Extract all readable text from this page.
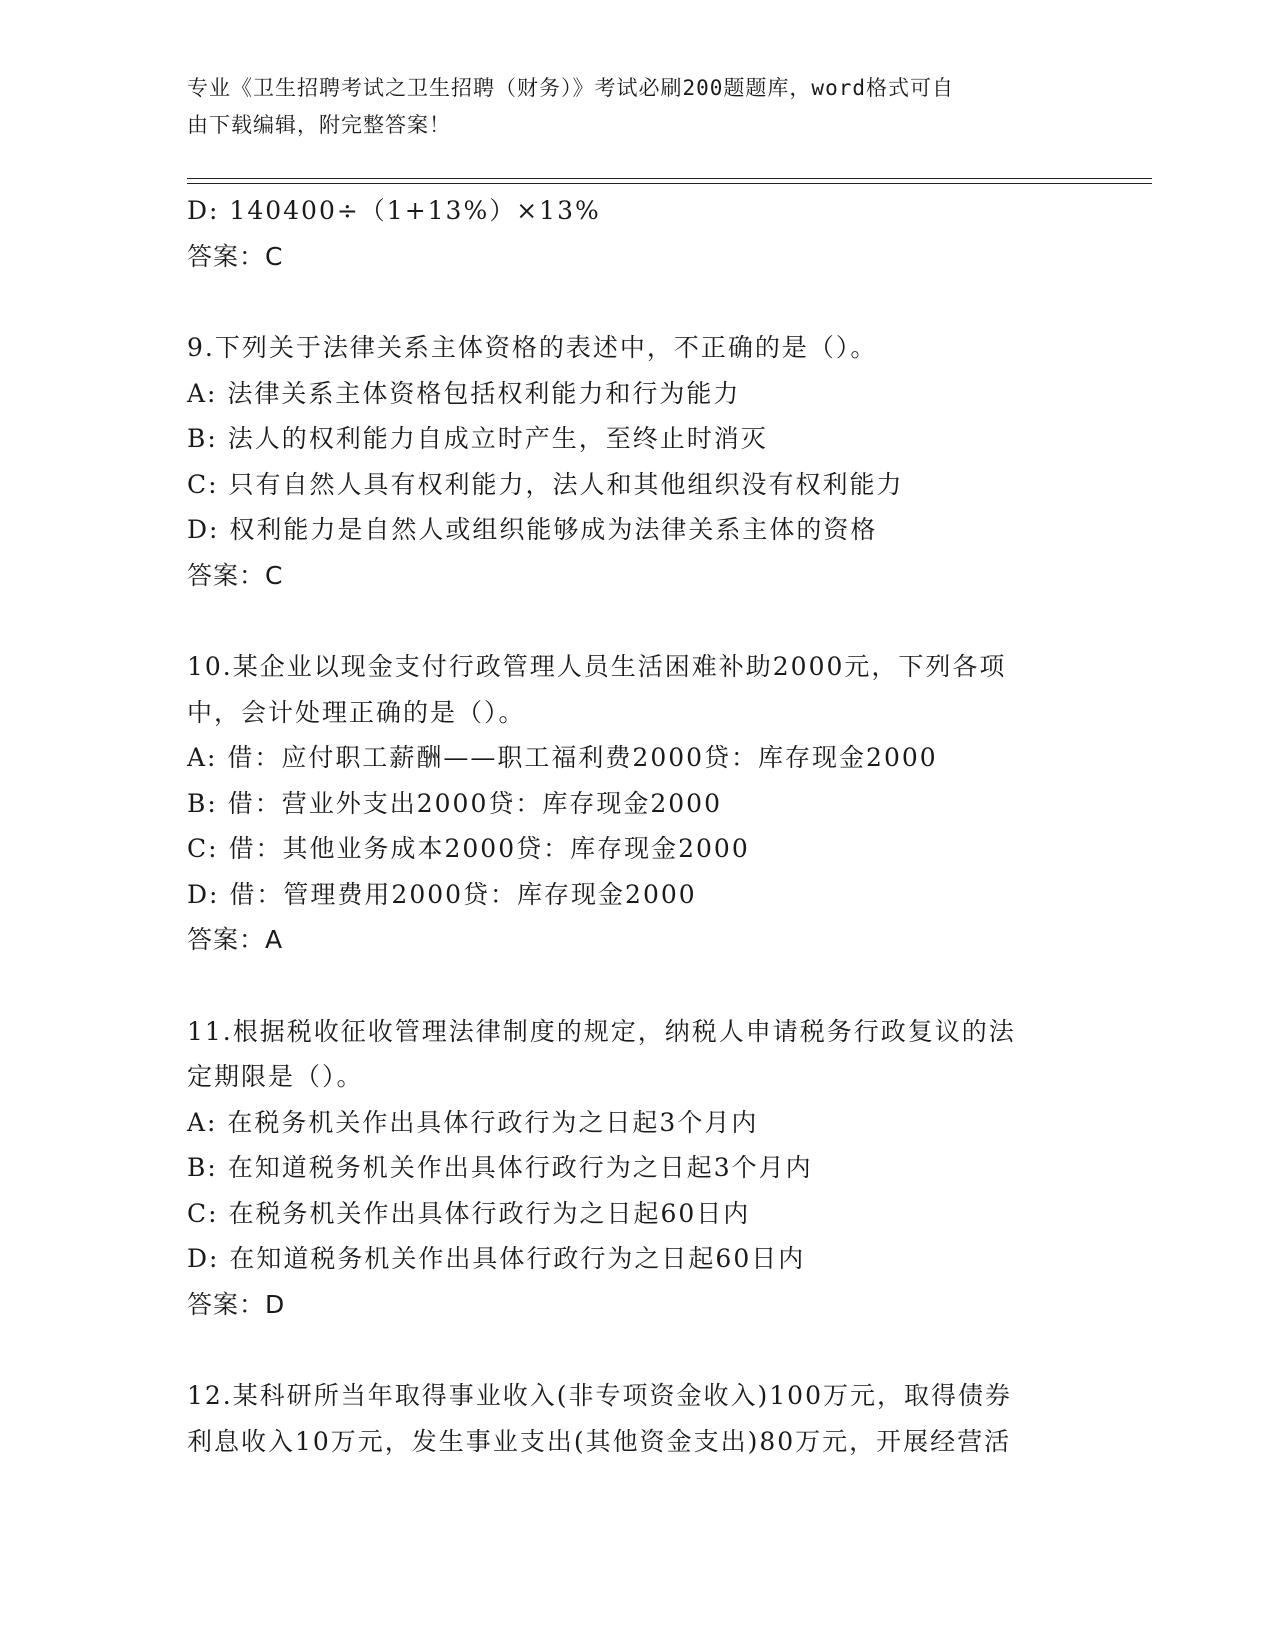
专业《卫生招聘考试之卫生招聘（财务）》考试必刷200题题库，word格式可自
由下载编辑，附完整答案！
D: 140400÷（1+13%）×13%
答案：C
9.下列关于法律关系主体资格的表述中，不正确的是（）。
A: 法律关系主体资格包括权利能力和行为能力
B: 法人的权利能力自成立时产生，至终止时消灭
C: 只有自然人具有权利能力，法人和其他组织没有权利能力
D: 权利能力是自然人或组织能够成为法律关系主体的资格
答案：C
10.某企业以现金支付行政管理人员生活困难补助2000元，下列各项
中，会计处理正确的是（）。
A: 借：应付职工薪酬——职工福利费2000贷：库存现金2000
B: 借：营业外支出2000贷：库存现金2000
C: 借：其他业务成本2000贷：库存现金2000
D: 借：管理费用2000贷：库存现金2000
答案：A
11.根据税收征收管理法律制度的规定，纳税人申请税务行政复议的法
定期限是（）。
A: 在税务机关作出具体行政行为之日起3个月内
B: 在知道税务机关作出具体行政行为之日起3个月内
C: 在税务机关作出具体行政行为之日起60日内
D: 在知道税务机关作出具体行政行为之日起60日内
答案：D
12.某科研所当年取得事业收入(非专项资金收入)100万元，取得债券
利息收入10万元，发生事业支出(其他资金支出)80万元，开展经营活
